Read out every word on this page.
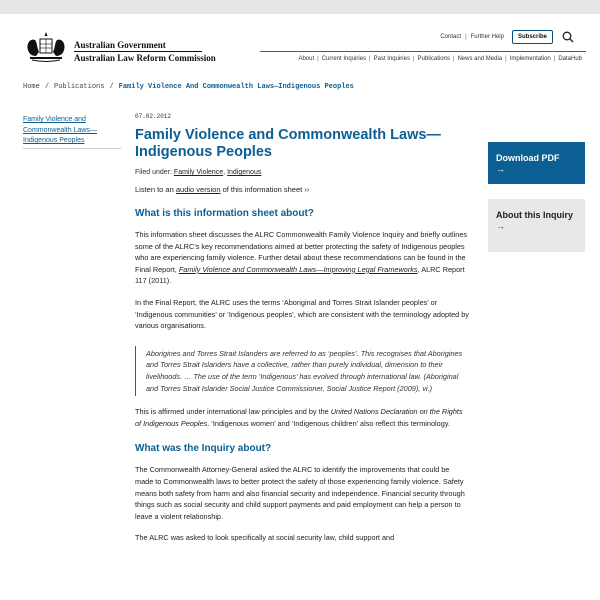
Australian Government
Australian Law Reform Commission
Contact | Further Help	Subscribe
About | Current Inquiries | Past Inquiries | Publications | News and Media | Implementation | DataHub
Home / Publications / Family Violence And Commonwealth Laws—Indigenous Peoples
Family Violence and Commonwealth Laws—Indigenous Peoples
07.02.2012
Family Violence and Commonwealth Laws—Indigenous Peoples
Filed under: Family Violence, Indigenous
Listen to an audio version of this information sheet ››
What is this information sheet about?

This information sheet discusses the ALRC Commonwealth Family Violence Inquiry and briefly outlines some of the ALRC’s key recommendations aimed at better protecting the safety of Indigenous peoples who are experiencing family violence. Further detail about these recommendations can be found in the Final Report, Family Violence and Commonwealth Laws—Improving Legal Frameworks, ALRC Report 117 (2011).

In the Final Report, the ALRC uses the terms ‘Aboriginal and Torres Strait Islander peoples’ or ‘Indigenous communities’ or ‘Indigenous peoples’, which are consistent with the terminology adopted by various organisations.

Aborigines and Torres Strait Islanders are referred to as ‘peoples’. This recognises that Aborigines and Torres Strait Islanders have a collective, rather than purely individual, dimension to their livelihoods. … The use of the term ‘Indigenous’ has evolved through international law. (Aboriginal and Torres Strait Islander Social Justice Commissioner, Social Justice Report (2009), vi.)

This is affirmed under international law principles and by the United Nations Declaration on the Rights of Indigenous Peoples. ‘Indigenous women’ and ‘Indigenous children’ also reflect this terminology.

What was the Inquiry about?

The Commonwealth Attorney-General asked the ALRC to identify the improvements that could be made to Commonwealth laws to better protect the safety of those experiencing family violence. Safety means both safety from harm and also financial security and independence. Financial security through things such as social security and child support payments and paid employment can help a person to leave a violent relationship.

The ALRC was asked to look specifically at social security law, child support and

Download PDF
→
About this Inquiry
→
